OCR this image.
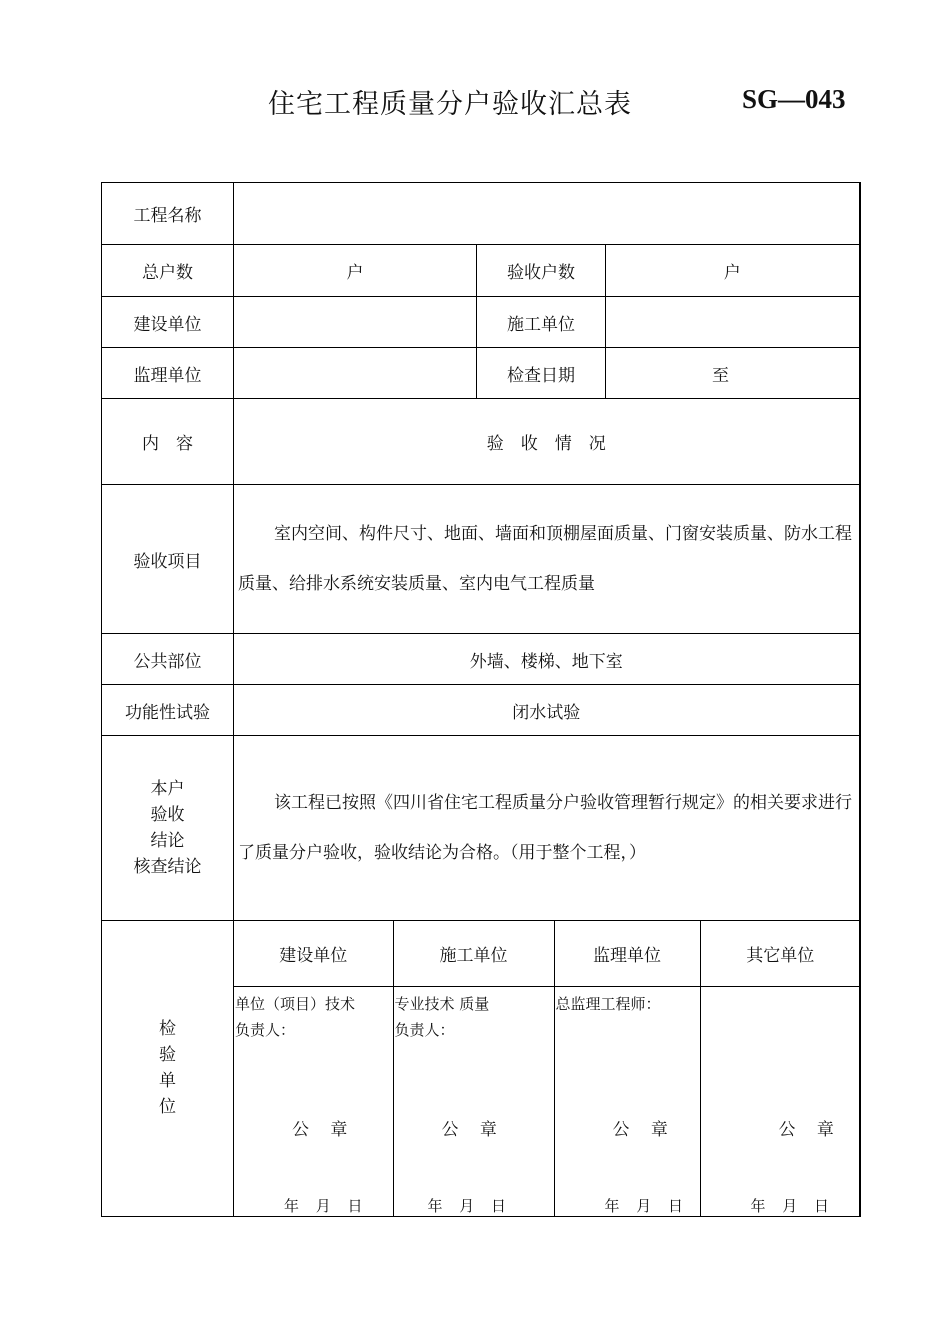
住宅工程质量分户验收汇总表	SG—043
工程名称	
总户数	户	验收户数	户
建设单位		施工单位	
监理单位		检查日期	至
内　容	验　收　情　况
验收项目	室内空间、构件尺寸、地面、墙面和顶棚屋面质量、门窗安装质量、防水工程质量、给排水系统安装质量、室内电气工程质量
公共部位	外墙、楼梯、地下室
功能性试验	闭水试验

本户
验收
结论
核查结论
	该工程已按照《四川省住宅工程质量分户验收管理暂行规定》的相关要求进行了质量分户验收，验收结论为合格。（用于整个工程，）

检
验
单
位

建设单位	施工单位	监理单位	其它单位

单位（项目）技术
负责人：
公 章
年 月 日

专业技术 质量
负责人：
公 章
年 月 日

总监理工程师：
公 章
年 月 日

公 章
年 月 日
